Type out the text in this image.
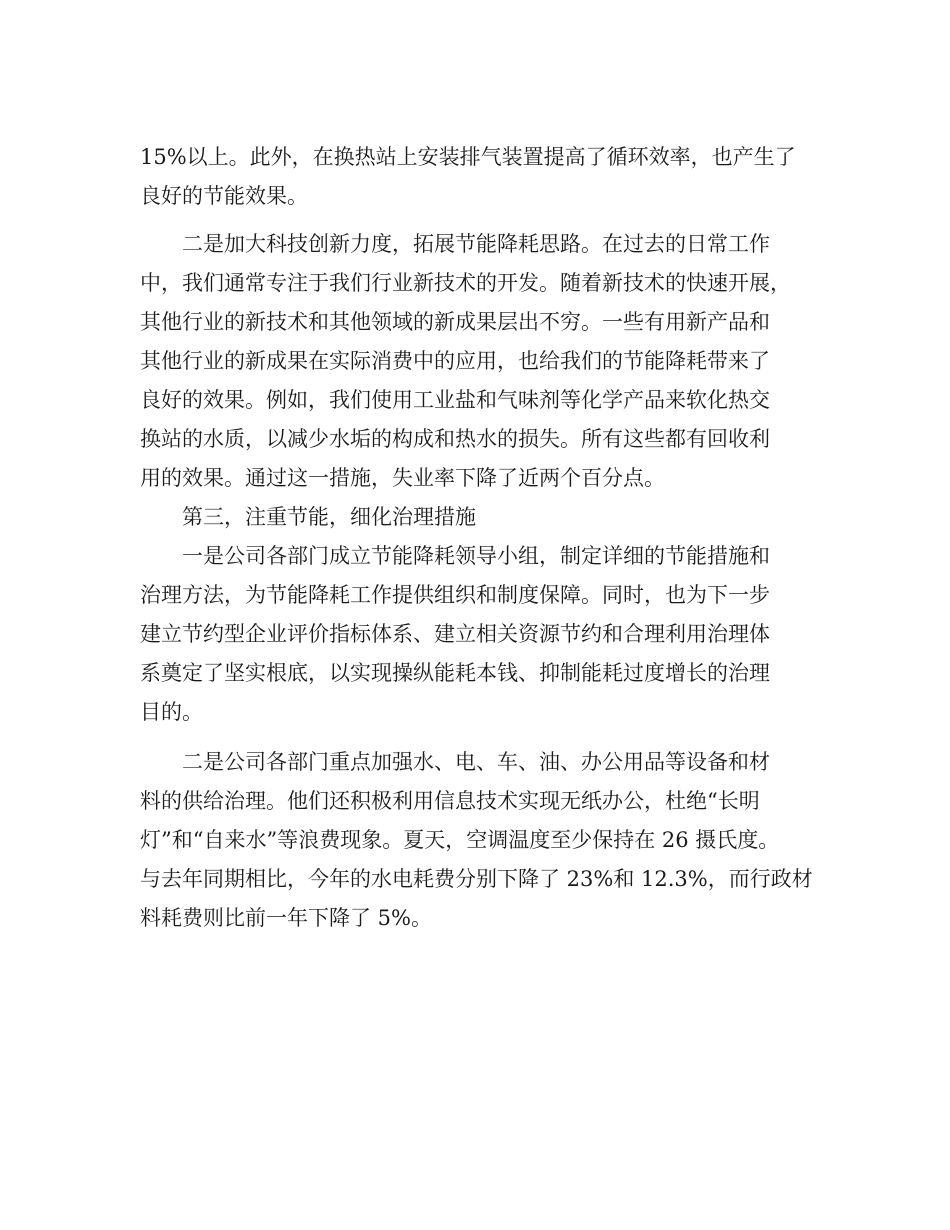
15%以上。此外，在换热站上安装排气装置提高了循环效率，也产生了
良好的节能效果。
二是加大科技创新力度，拓展节能降耗思路。在过去的日常工作
中，我们通常专注于我们行业新技术的开发。随着新技术的快速开展，
其他行业的新技术和其他领域的新成果层出不穷。一些有用新产品和
其他行业的新成果在实际消费中的应用，也给我们的节能降耗带来了
良好的效果。例如，我们使用工业盐和气味剂等化学产品来软化热交
换站的水质，以减少水垢的构成和热水的损失。所有这些都有回收利
用的效果。通过这一措施，失业率下降了近两个百分点。
第三，注重节能，细化治理措施
一是公司各部门成立节能降耗领导小组，制定详细的节能措施和
治理方法，为节能降耗工作提供组织和制度保障。同时，也为下一步
建立节约型企业评价指标体系、建立相关资源节约和合理利用治理体
系奠定了坚实根底，以实现操纵能耗本钱、抑制能耗过度增长的治理
目的。
二是公司各部门重点加强水、电、车、油、办公用品等设备和材
料的供给治理。他们还积极利用信息技术实现无纸办公，杜绝“长明
灯”和“自来水”等浪费现象。夏天，空调温度至少保持在 26 摄氏度。
与去年同期相比，今年的水电耗费分别下降了 23%和 12.3%，而行政材
料耗费则比前一年下降了 5%。
